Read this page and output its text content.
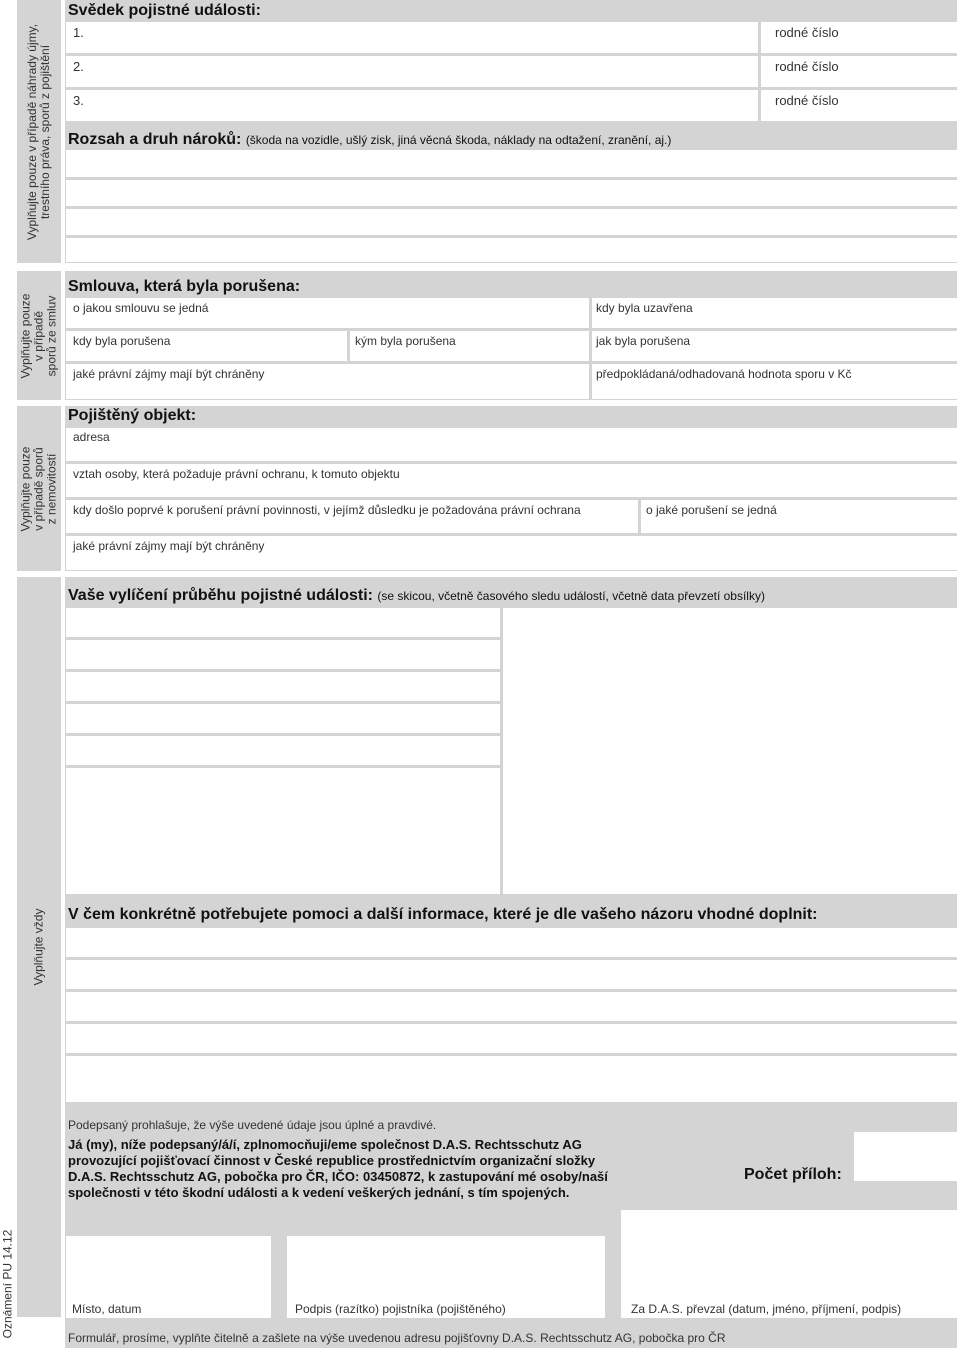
Vyplňujte pouze v případě náhrady újmy,
trestního práva, sporů z pojištění
Vyplňujte pouze
v případě
sporů ze smluv
Vyplňujte pouze
v případě sporů
z nemovitostí
Vyplňujte vždy
Oznámení PU 14.12
Svědek pojistné události:
1.	rodné číslo
2.	rodné číslo
3.	rodné číslo
Rozsah a druh nároků: (škoda na vozidle, ušlý zisk, jiná věcná škoda, náklady na odtažení, zranění, aj.)
Smlouva, která byla porušena:
o jakou smlouvu se jedná	kdy byla uzavřena
kdy byla porušena	kým byla porušena	jak byla porušena
jaké právní zájmy mají být chráněny	předpokládaná/odhadovaná hodnota sporu v Kč
Pojištěný objekt:
adresa
vztah osoby, která požaduje právní ochranu, k tomuto objektu
kdy došlo poprvé k porušení právní povinnosti, v jejímž důsledku je požadována právní ochrana	o jaké porušení se jedná
jaké právní zájmy mají být chráněny
Vaše vylíčení průběhu pojistné události: (se skicou, včetně časového sledu událostí, včetně data převzetí obsílky)
V čem konkrétně potřebujete pomoci a další informace, které je dle vašeho názoru vhodné doplnit:
Podepsaný prohlašuje, že výše uvedené údaje jsou úplné a pravdivé.
Já (my), níže podepsaný/á/í, zplnomocňuji/eme společnost D.A.S. Rechtsschutz AG
provozující pojišťovací činnost v České republice prostřednictvím organizační složky
D.A.S. Rechtsschutz AG, pobočka pro ČR, IČO: 03450872, k zastupování mé osoby/naší
společnosti v této škodní události a k vedení veškerých jednání, s tím spojených.
Počet příloh:
Místo, datum	Podpis (razítko) pojistníka (pojištěného)	Za D.A.S. převzal (datum, jméno, příjmení, podpis)
Formulář, prosíme, vyplňte čitelně a zašlete na výše uvedenou adresu pojišťovny D.A.S. Rechtsschutz AG, pobočka pro ČR
